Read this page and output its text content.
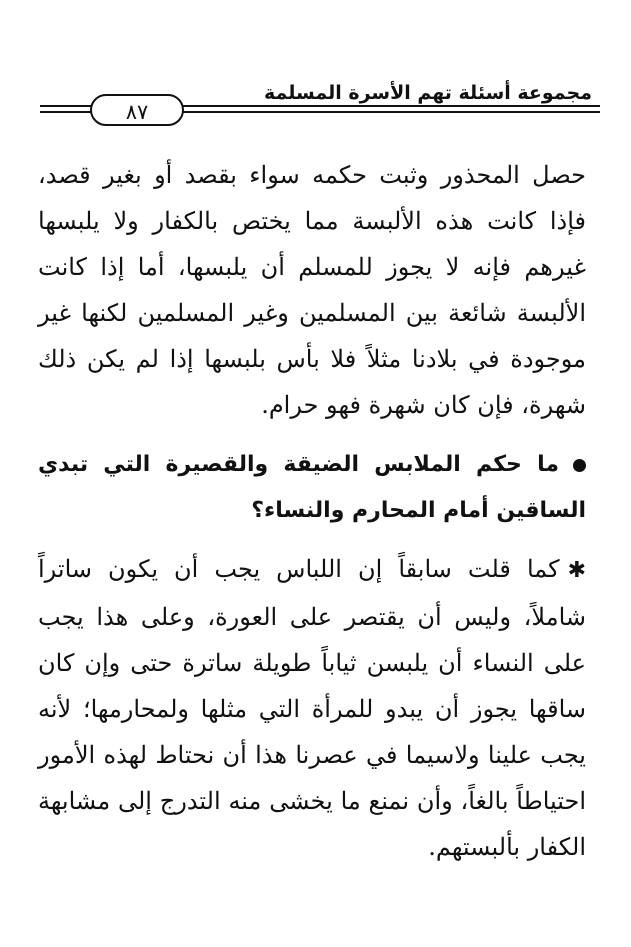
مجموعة أسئلة تهم الأسرة المسلمة
٨٧

حصل المحذور وثبت حكمه سواء بقصد أو بغير قصد، فإذا كانت هذه الألبسة مما يختص بالكفار ولا يلبسها غيرهم فإنه لا يجوز للمسلم أن يلبسها، أما إذا كانت الألبسة شائعة بين المسلمين وغير المسلمين لكنها غير موجودة في بلادنا مثلاً فلا بأس بلبسها إذا لم يكن ذلك شهرة، فإن كان شهرة فهو حرام.

ما حكم الملابس الضيقة والقصيرة التي تبدي الساقين أمام المحارم والنساء؟

✱كما قلت سابقاً إن اللباس يجب أن يكون ساتراً شاملاً، وليس أن يقتصر على العورة، وعلى هذا يجب على النساء أن يلبسن ثياباً طويلة ساترة حتى وإن كان ساقها يجوز أن يبدو للمرأة التي مثلها ولمحارمها؛ لأنه يجب علينا ولاسيما في عصرنا هذا أن نحتاط لهذه الأمور احتياطاً بالغاً، وأن نمنع ما يخشى منه التدرج إلى مشابهة الكفار بألبستهم.
